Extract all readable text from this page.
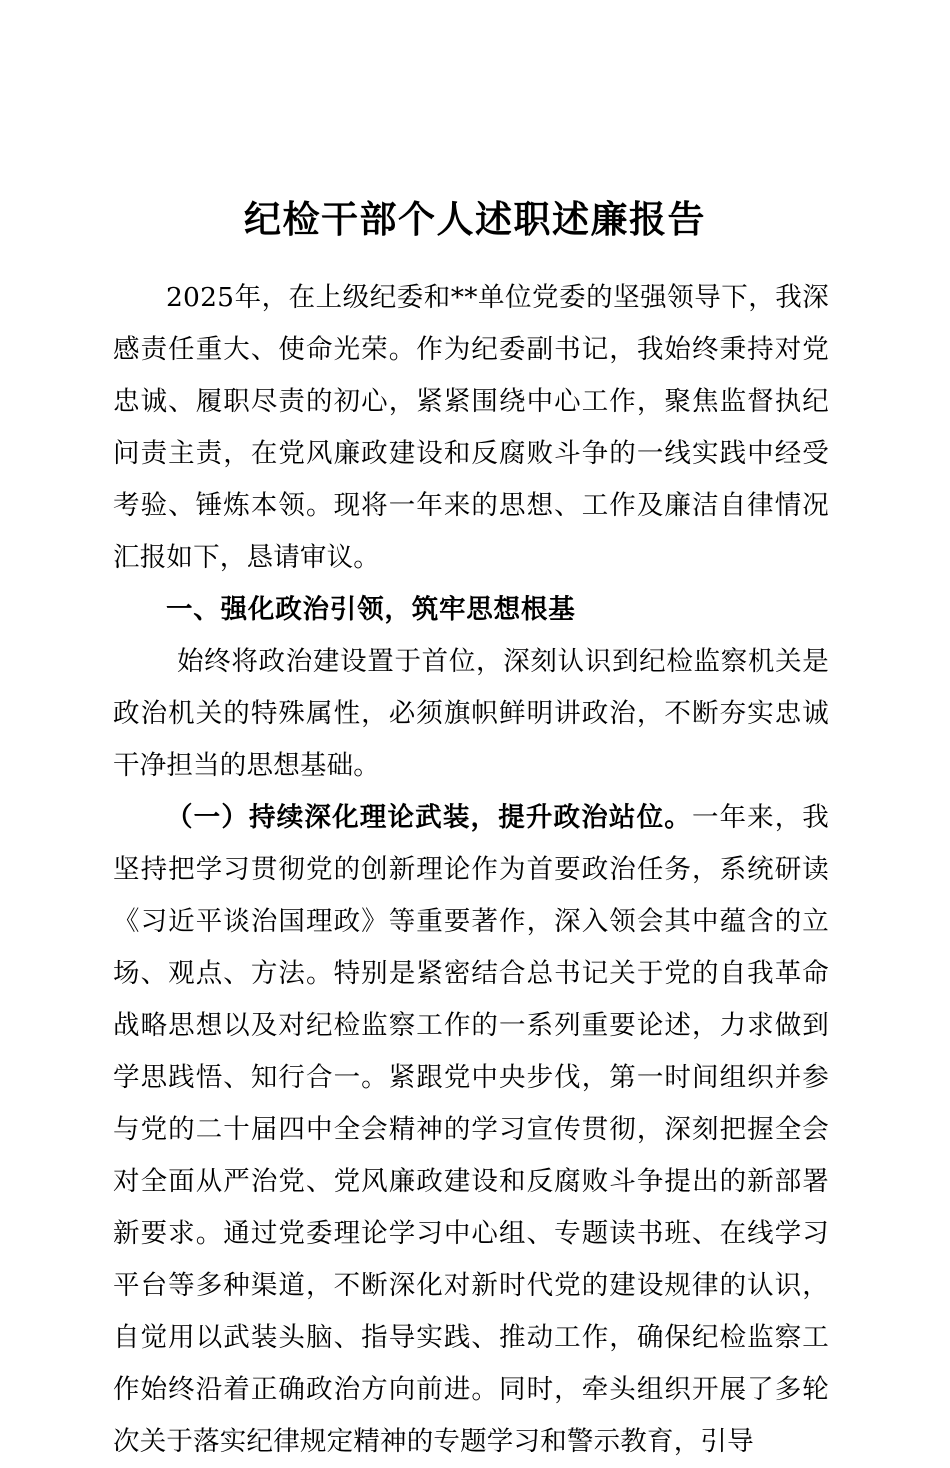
纪检干部个人述职述廉报告

2025年，在上级纪委和**单位党委的坚强领导下，我深感责任重大、使命光荣。作为纪委副书记，我始终秉持对党忠诚、履职尽责的初心，紧紧围绕中心工作，聚焦监督执纪问责主责，在党风廉政建设和反腐败斗争的一线实践中经受考验、锤炼本领。现将一年来的思想、工作及廉洁自律情况汇报如下，恳请审议。

一、强化政治引领，筑牢思想根基

始终将政治建设置于首位，深刻认识到纪检监察机关是政治机关的特殊属性，必须旗帜鲜明讲政治，不断夯实忠诚干净担当的思想基础。

（一）持续深化理论武装，提升政治站位。一年来，我坚持把学习贯彻党的创新理论作为首要政治任务，系统研读《习近平谈治国理政》等重要著作，深入领会其中蕴含的立场、观点、方法。特别是紧密结合总书记关于党的自我革命战略思想以及对纪检监察工作的一系列重要论述，力求做到学思践悟、知行合一。紧跟党中央步伐，第一时间组织并参与党的二十届四中全会精神的学习宣传贯彻，深刻把握全会对全面从严治党、党风廉政建设和反腐败斗争提出的新部署新要求。通过党委理论学习中心组、专题读书班、在线学习平台等多种渠道，不断深化对新时代党的建设规律的认识，自觉用以武装头脑、指导实践、推动工作，确保纪检监察工作始终沿着正确政治方向前进。同时，牵头组织开展了多轮次关于落实纪律规定精神的专题学习和警示教育，引导
